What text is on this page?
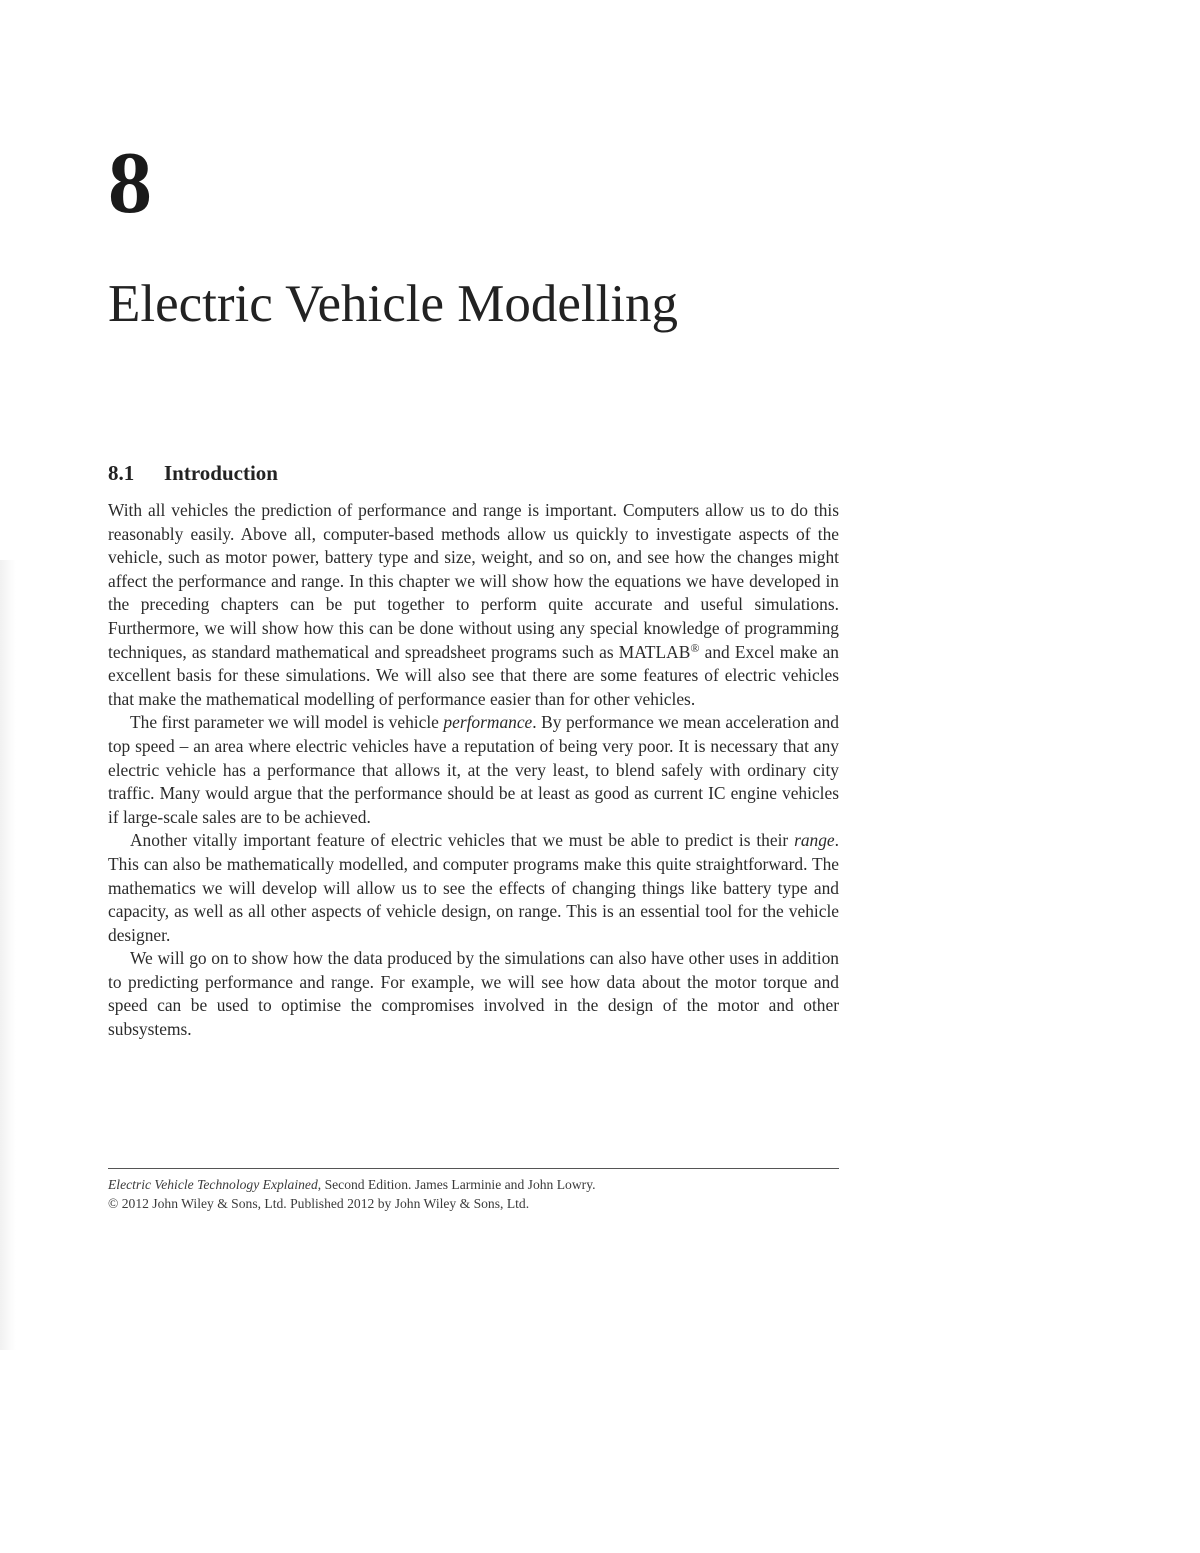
8
Electric Vehicle Modelling
8.1 Introduction

With all vehicles the prediction of performance and range is important. Computers allow us to do this reasonably easily. Above all, computer-based methods allow us quickly to investigate aspects of the vehicle, such as motor power, battery type and size, weight, and so on, and see how the changes might affect the performance and range. In this chapter we will show how the equations we have developed in the preceding chapters can be put together to perform quite accurate and useful simulations. Furthermore, we will show how this can be done without using any special knowledge of programming techniques, as standard mathematical and spreadsheet programs such as MATLAB® and Excel make an excellent basis for these simulations. We will also see that there are some features of electric vehicles that make the mathematical modelling of performance easier than for other vehicles.

The first parameter we will model is vehicle performance. By performance we mean acceleration and top speed – an area where electric vehicles have a reputation of being very poor. It is necessary that any electric vehicle has a performance that allows it, at the very least, to blend safely with ordinary city traffic. Many would argue that the performance should be at least as good as current IC engine vehicles if large-scale sales are to be achieved.

Another vitally important feature of electric vehicles that we must be able to predict is their range. This can also be mathematically modelled, and computer programs make this quite straightforward. The mathematics we will develop will allow us to see the effects of changing things like battery type and capacity, as well as all other aspects of vehicle design, on range. This is an essential tool for the vehicle designer.

We will go on to show how the data produced by the simulations can also have other uses in addition to predicting performance and range. For example, we will see how data about the motor torque and speed can be used to optimise the compromises involved in the design of the motor and other subsystems.

Electric Vehicle Technology Explained, Second Edition. James Larminie and John Lowry.
© 2012 John Wiley & Sons, Ltd. Published 2012 by John Wiley & Sons, Ltd.
